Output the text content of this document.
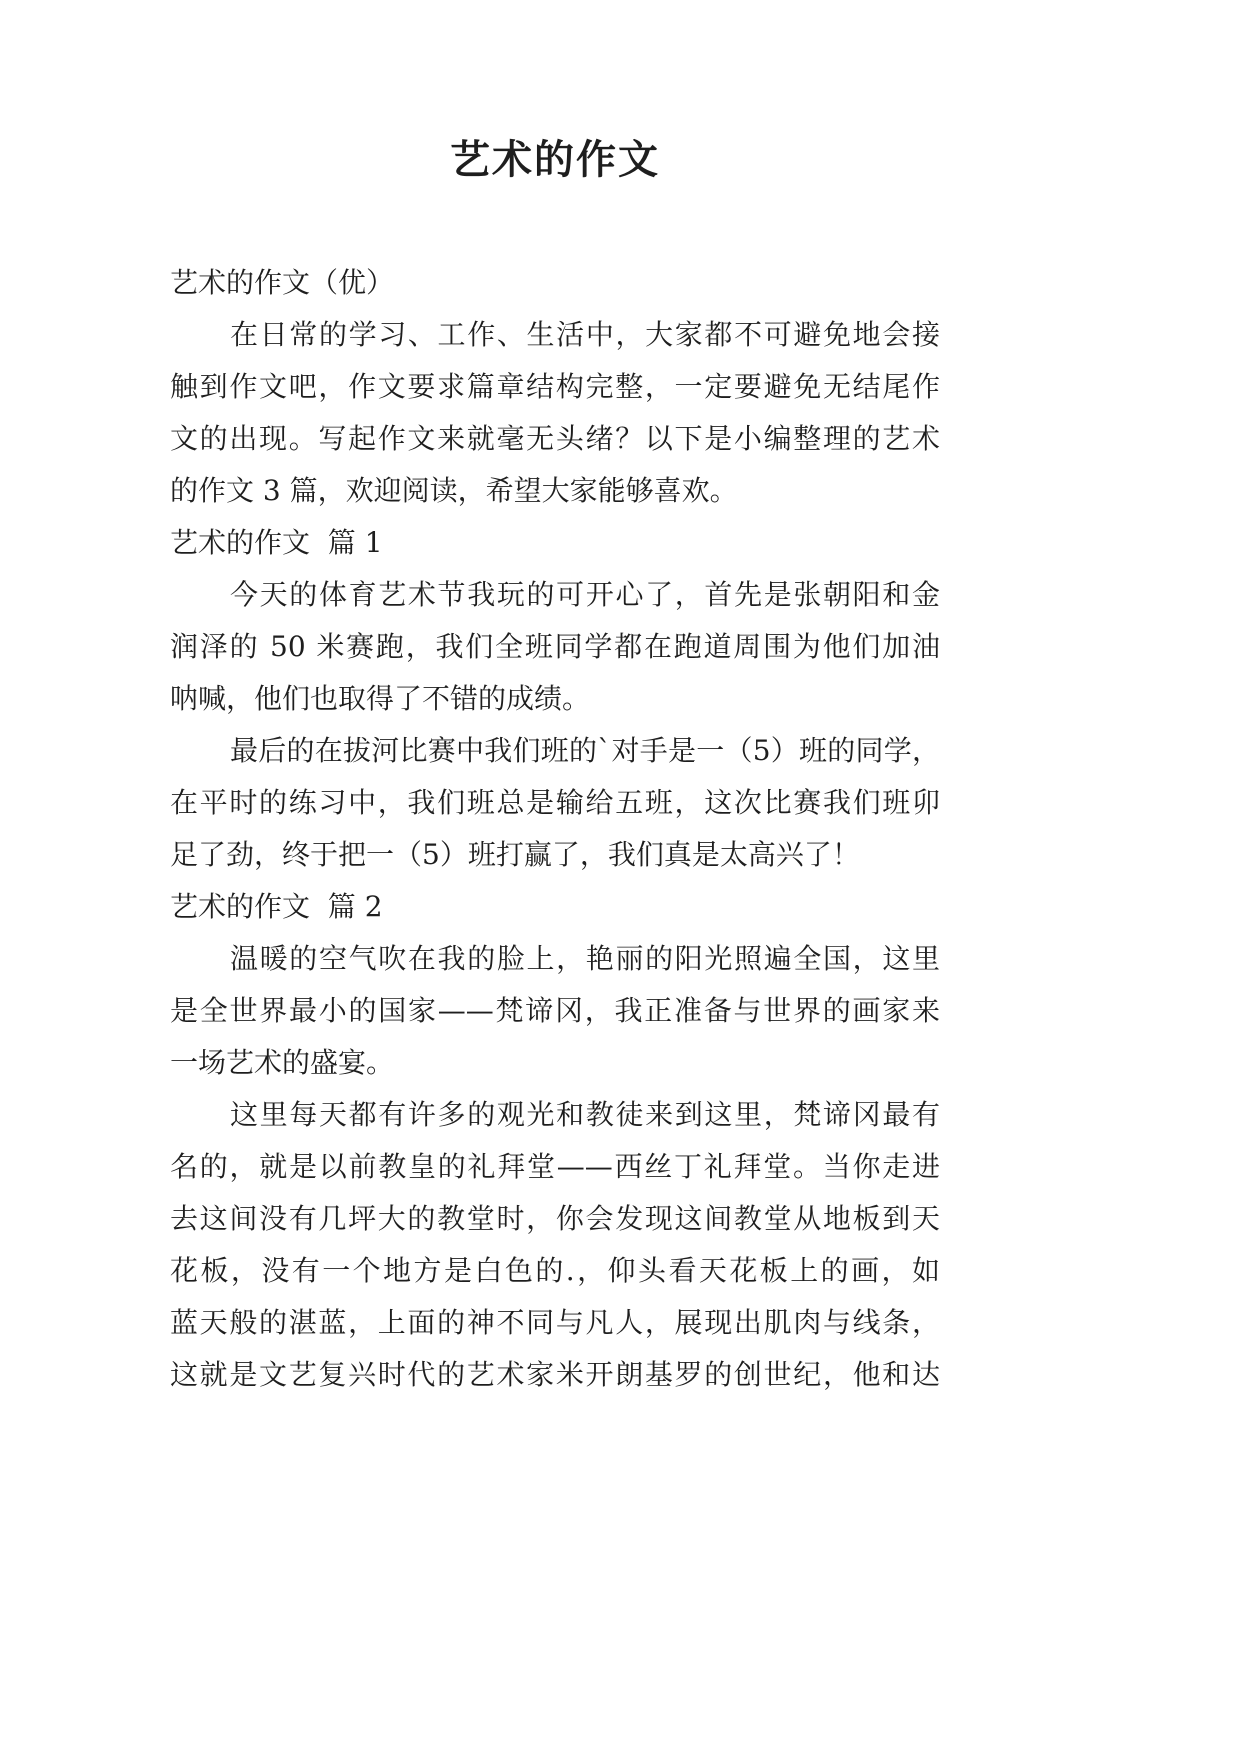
艺术的作文
艺术的作文（优）
在日常的学习、工作、生活中，大家都不可避免地会接
触到作文吧，作文要求篇章结构完整，一定要避免无结尾作
文的出现。写起作文来就毫无头绪？以下是小编整理的艺术
的作文 3 篇，欢迎阅读，希望大家能够喜欢。
艺术的作文  篇 1
今天的体育艺术节我玩的可开心了，首先是张朝阳和金
润泽的 50 米赛跑，我们全班同学都在跑道周围为他们加油
呐喊，他们也取得了不错的成绩。
最后的在拔河比赛中我们班的`对手是一（5）班的同学，
在平时的练习中，我们班总是输给五班，这次比赛我们班卯
足了劲，终于把一（5）班打赢了，我们真是太高兴了！
艺术的作文  篇 2
温暖的空气吹在我的脸上，艳丽的阳光照遍全国，这里
是全世界最小的国家——梵谛冈，我正准备与世界的画家来
一场艺术的盛宴。
这里每天都有许多的观光和教徒来到这里，梵谛冈最有
名的，就是以前教皇的礼拜堂——西丝丁礼拜堂。当你走进
去这间没有几坪大的教堂时，你会发现这间教堂从地板到天
花板，没有一个地方是白色的.，仰头看天花板上的画，如
蓝天般的湛蓝，上面的神不同与凡人，展现出肌肉与线条，
这就是文艺复兴时代的艺术家米开朗基罗的创世纪，他和达
